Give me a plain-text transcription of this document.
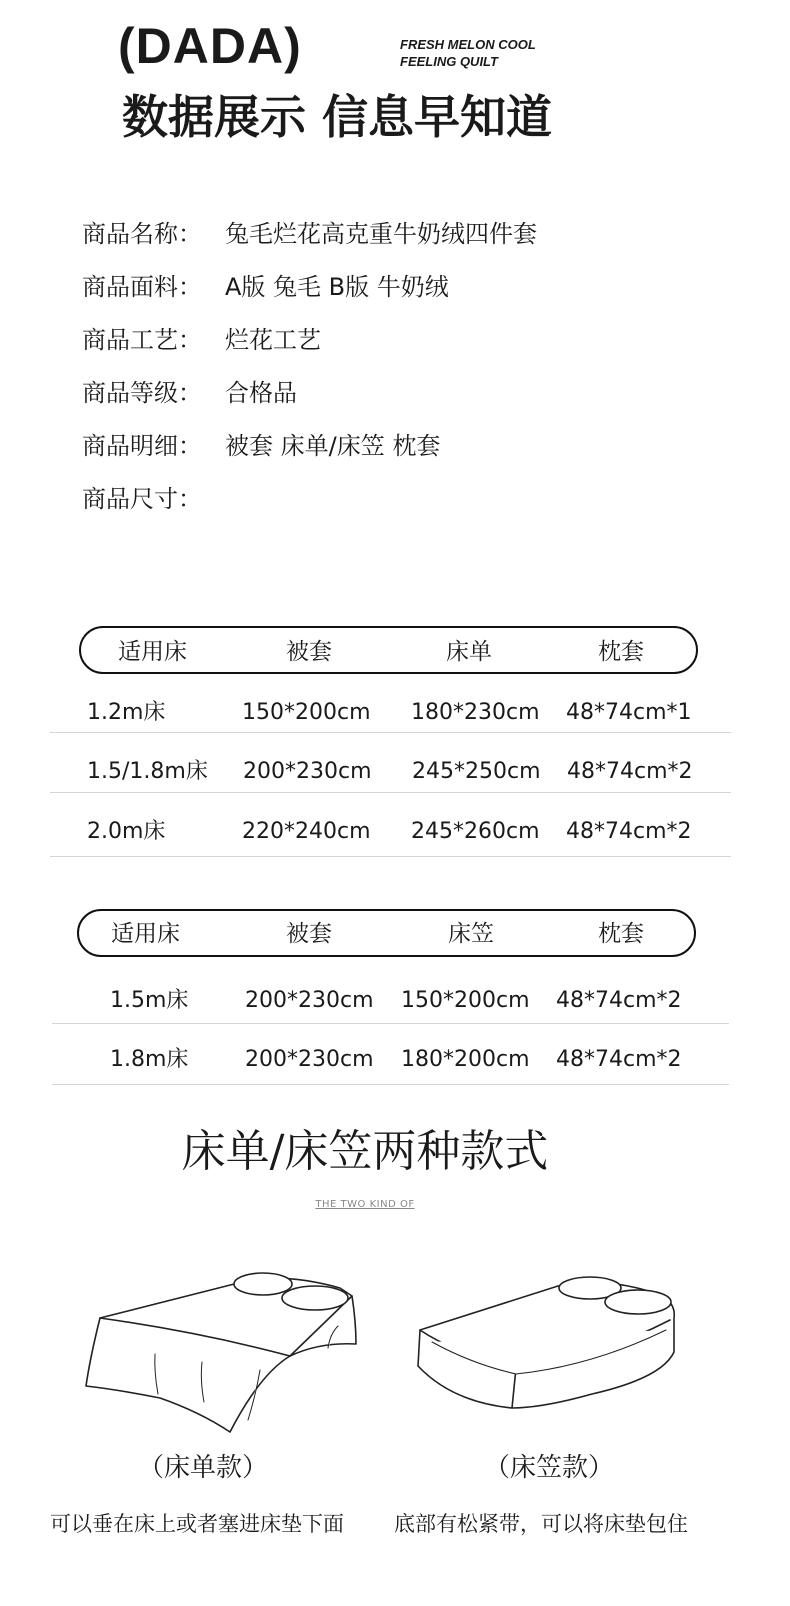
(DADA)	FRESH MELON COOL
FEELING QUILT
数据展示 信息早知道
商品名称： 兔毛烂花高克重牛奶绒四件套
商品面料： A版 兔毛 B版 牛奶绒
商品工艺： 烂花工艺
商品等级： 合格品
商品明细： 被套 床单/床笠 枕套
商品尺寸：
适用床	被套	床单	枕套
1.2m床	150*200cm 180*230cm 48*74cm*1
1.5/1.8m床 200*230cm 245*250cm 48*74cm*2
2.0m床	220*240cm 245*260cm 48*74cm*2
适用床	被套	床笠	枕套
1.5m床	200*230cm 150*200cm 48*74cm*2
1.8m床	200*230cm 180*200cm 48*74cm*2
床单/床笠两种款式
THE TWO KIND OF
（床单款）	（床笠款）
可以垂在床上或者塞进床垫下面 底部有松紧带，可以将床垫包住
